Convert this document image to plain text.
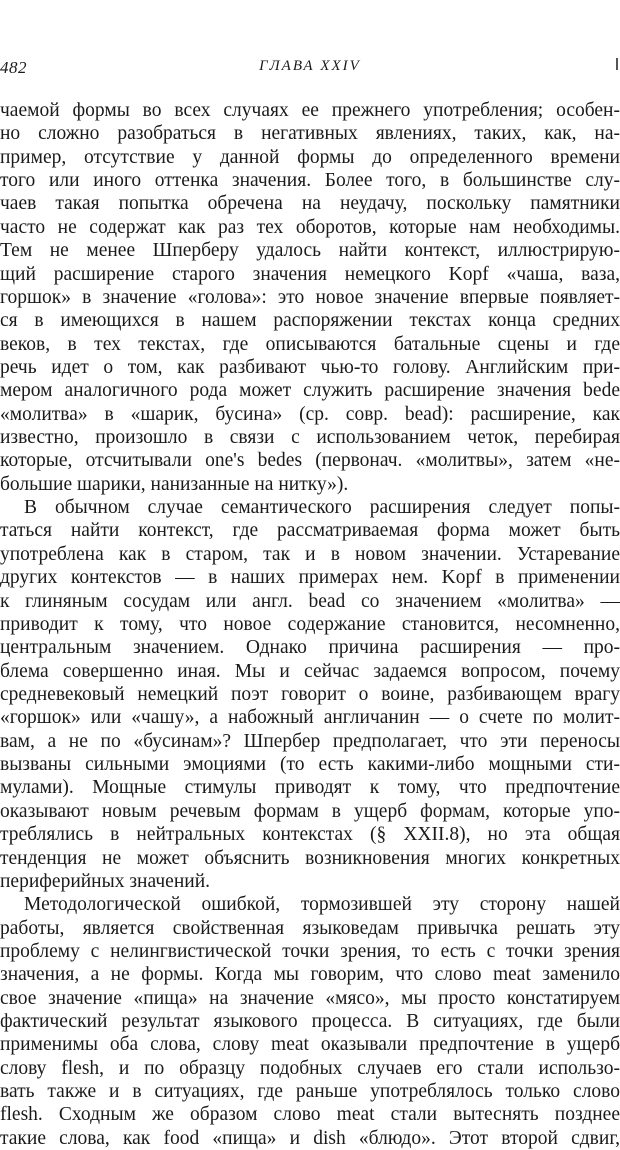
482	ГЛАВА XXIV
чаемой формы во всех случаях ее прежнего употребления; особен-
но сложно разобраться в негативных явлениях, таких, как, на-
пример, отсутствие у данной формы до определенного времени
того или иного оттенка значения. Более того, в большинстве слу-
чаев такая попытка обречена на неудачу, поскольку памятники
часто не содержат как раз тех оборотов, которые нам необходимы.
Тем не менее Шперберу удалось найти контекст, иллюстрирую-
щий расширение старого значения немецкого Kopf «чаша, ваза,
горшок» в значение «голова»: это новое значение впервые появляет-
ся в имеющихся в нашем распоряжении текстах конца средних
веков, в тех текстах, где описываются батальные сцены и где
речь идет о том, как разбивают чью-то голову. Английским при-
мером аналогичного рода может служить расширение значения bede
«молитва» в «шарик, бусина» (ср. совр. bead): расширение, как
известно, произошло в связи с использованием четок, перебирая
которые, отсчитывали one's bedes (первонач. «молитвы», затем «не-
большие шарики, нанизанные на нитку»).
В обычном случае семантического расширения следует попы-
таться найти контекст, где рассматриваемая форма может быть
употреблена как в старом, так и в новом значении. Устаревание
других контекстов — в наших примерах нем. Kopf в применении
к глиняным сосудам или англ. bead со значением «молитва» —
приводит к тому, что новое содержание становится, несомненно,
центральным значением. Однако причина расширения — про-
блема совершенно иная. Мы и сейчас задаемся вопросом, почему
средневековый немецкий поэт говорит о воине, разбивающем врагу
«горшок» или «чашу», а набожный англичанин — о счете по молит-
вам, а не по «бусинам»? Шпербер предполагает, что эти переносы
вызваны сильными эмоциями (то есть какими-либо мощными сти-
мулами). Мощные стимулы приводят к тому, что предпочтение
оказывают новым речевым формам в ущерб формам, которые упо-
треблялись в нейтральных контекстах (§ XXII.8), но эта общая
тенденция не может объяснить возникновения многих конкретных
периферийных значений.
Методологической ошибкой, тормозившей эту сторону нашей
работы, является свойственная языковедам привычка решать эту
проблему с нелингвистической точки зрения, то есть с точки зрения
значения, а не формы. Когда мы говорим, что слово meat заменило
свое значение «пища» на значение «мясо», мы просто констатируем
фактический результат языкового процесса. В ситуациях, где были
применимы оба слова, слову meat оказывали предпочтение в ущерб
слову flesh, и по образцу подобных случаев его стали использо-
вать также и в ситуациях, где раньше употреблялось только слово
flesh. Сходным же образом слово meat стали вытеснять позднее
такие слова, как food «пища» и dish «блюдо». Этот второй сдвиг,
